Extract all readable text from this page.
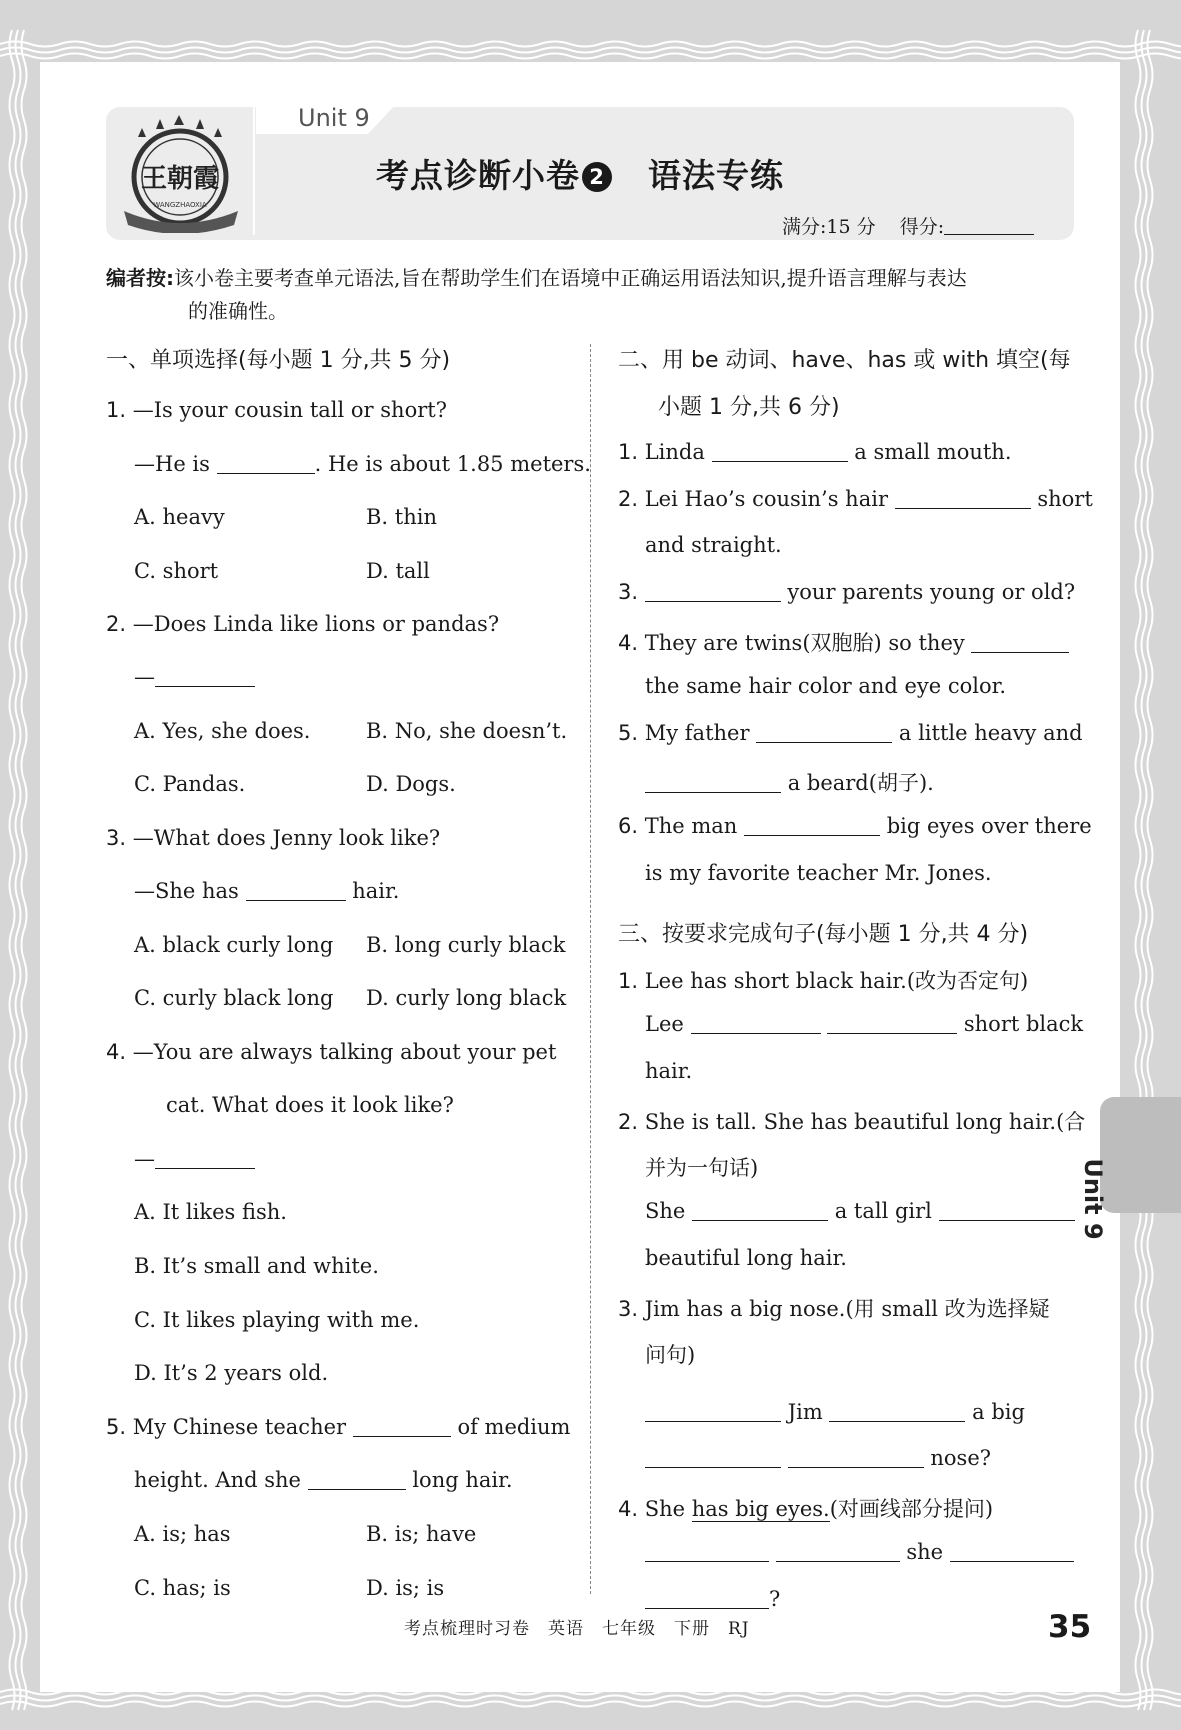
Unit 9
王朝霞
WANGZHAOXIA
考点诊断小卷 2 语法专练
满分:15 分 得分:
编者按:该小卷主要考查单元语法,旨在帮助学生们在语境中正确运用语法知识,提升语言理解与表达
的准确性。
一、单项选择(每小题 1 分,共 5 分)
1. —Is your cousin tall or short?
—He is	. He is about 1.85 meters.
A. heavy	B. thin
C. short	D. tall
2. —Does Linda like lions or pandas?
—
A. Yes, she does.	B. No, she doesn’t.
C. Pandas.	D. Dogs.
3. —What does Jenny look like?
—She has	hair.
A. black curly long B. long curly black
C. curly black long D. curly long black
4. —You are always talking about your pet
cat. What does it look like?
—
A. It likes fish.
B. It’s small and white.
C. It likes playing with me.
D. It’s 2 years old.
5. My Chinese teacher	of medium
height. And she	long hair.
A. is; has	B. is; have
C. has; is	D. is; is
二、用 be 动词、have、has 或 with 填空(每
小题 1 分,共 6 分)
1. Linda	a small mouth.
2. Lei Hao’s cousin’s hair	short
and straight.
3.	your parents young or old?
4. They are twins(双胞胎) so they
the same hair color and eye color.
5. My father	a little heavy and
a beard(胡子).
6. The man	big eyes over there
is my favorite teacher Mr. Jones.
三、按要求完成句子(每小题 1 分,共 4 分)
1. Lee has short black hair.(改为否定句)
Lee	short black
hair.
2. She is tall. She has beautiful long hair.(合
并为一句话)
She	a tall girl
beautiful long hair.
3. Jim has a big nose.(用 small 改为选择疑
问句)
Jim	a big
nose?
4. She has big eyes.(对画线部分提问)
she
?
Unit 9
考点梳理时习卷　英语　七年级　下册　RJ	35
